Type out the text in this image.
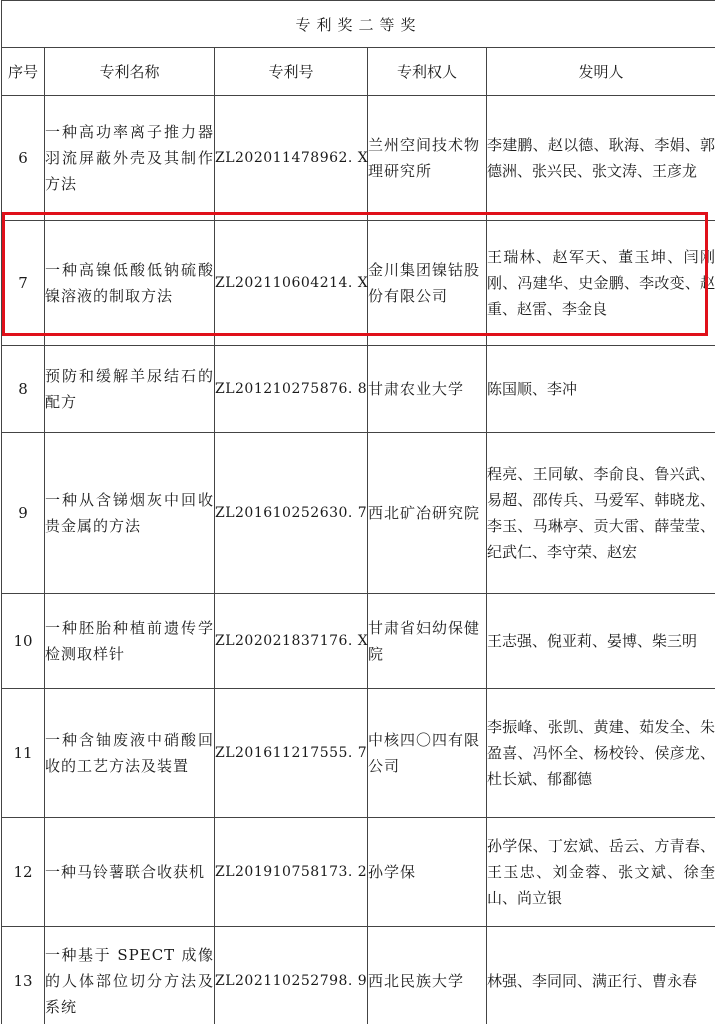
专利奖二等奖				
序号	专利名称	专利号	专利权人	发明人
6	一种高功率离子推力器羽流屏蔽外壳及其制作方法	ZL202011478962. X	兰州空间技术物理研究所	李建鹏、赵以德、耿海、李娟、郭德洲、张兴民、张文涛、王彦龙
7	一种高镍低酸低钠硫酸镍溶液的制取方法	ZL202110604214. X	金川集团镍钴股份有限公司	王瑞林、赵军天、董玉坤、闫刚刚、冯建华、史金鹏、李改变、赵重、赵雷、李金良
8	预防和缓解羊尿结石的配方	ZL201210275876. 8	甘肃农业大学	陈国顺、李冲
9	一种从含锑烟灰中回收贵金属的方法	ZL201610252630. 7	西北矿冶研究院	程亮、王同敏、李俞良、鲁兴武、易超、邵传兵、马爱军、韩晓龙、李玉、马琳亭、贡大雷、薛莹莹、纪武仁、李守荣、赵宏
10	一种胚胎种植前遗传学检测取样针	ZL202021837176. X	甘肃省妇幼保健院	王志强、倪亚莉、晏博、柴三明
11	一种含铀废液中硝酸回收的工艺方法及装置	ZL201611217555. 7	中核四〇四有限公司	李振峰、张凯、黄建、茹发全、朱盈喜、冯怀全、杨校铃、侯彦龙、杜长斌、郁鄱德
12	一种马铃薯联合收获机	ZL201910758173. 2	孙学保	孙学保、丁宏斌、岳云、方青春、王玉忠、刘金蓉、张文斌、徐奎山、尚立银
13	一种基于 SPECT 成像的人体部位切分方法及系统	ZL202110252798. 9	西北民族大学	林强、李同同、满正行、曹永春
